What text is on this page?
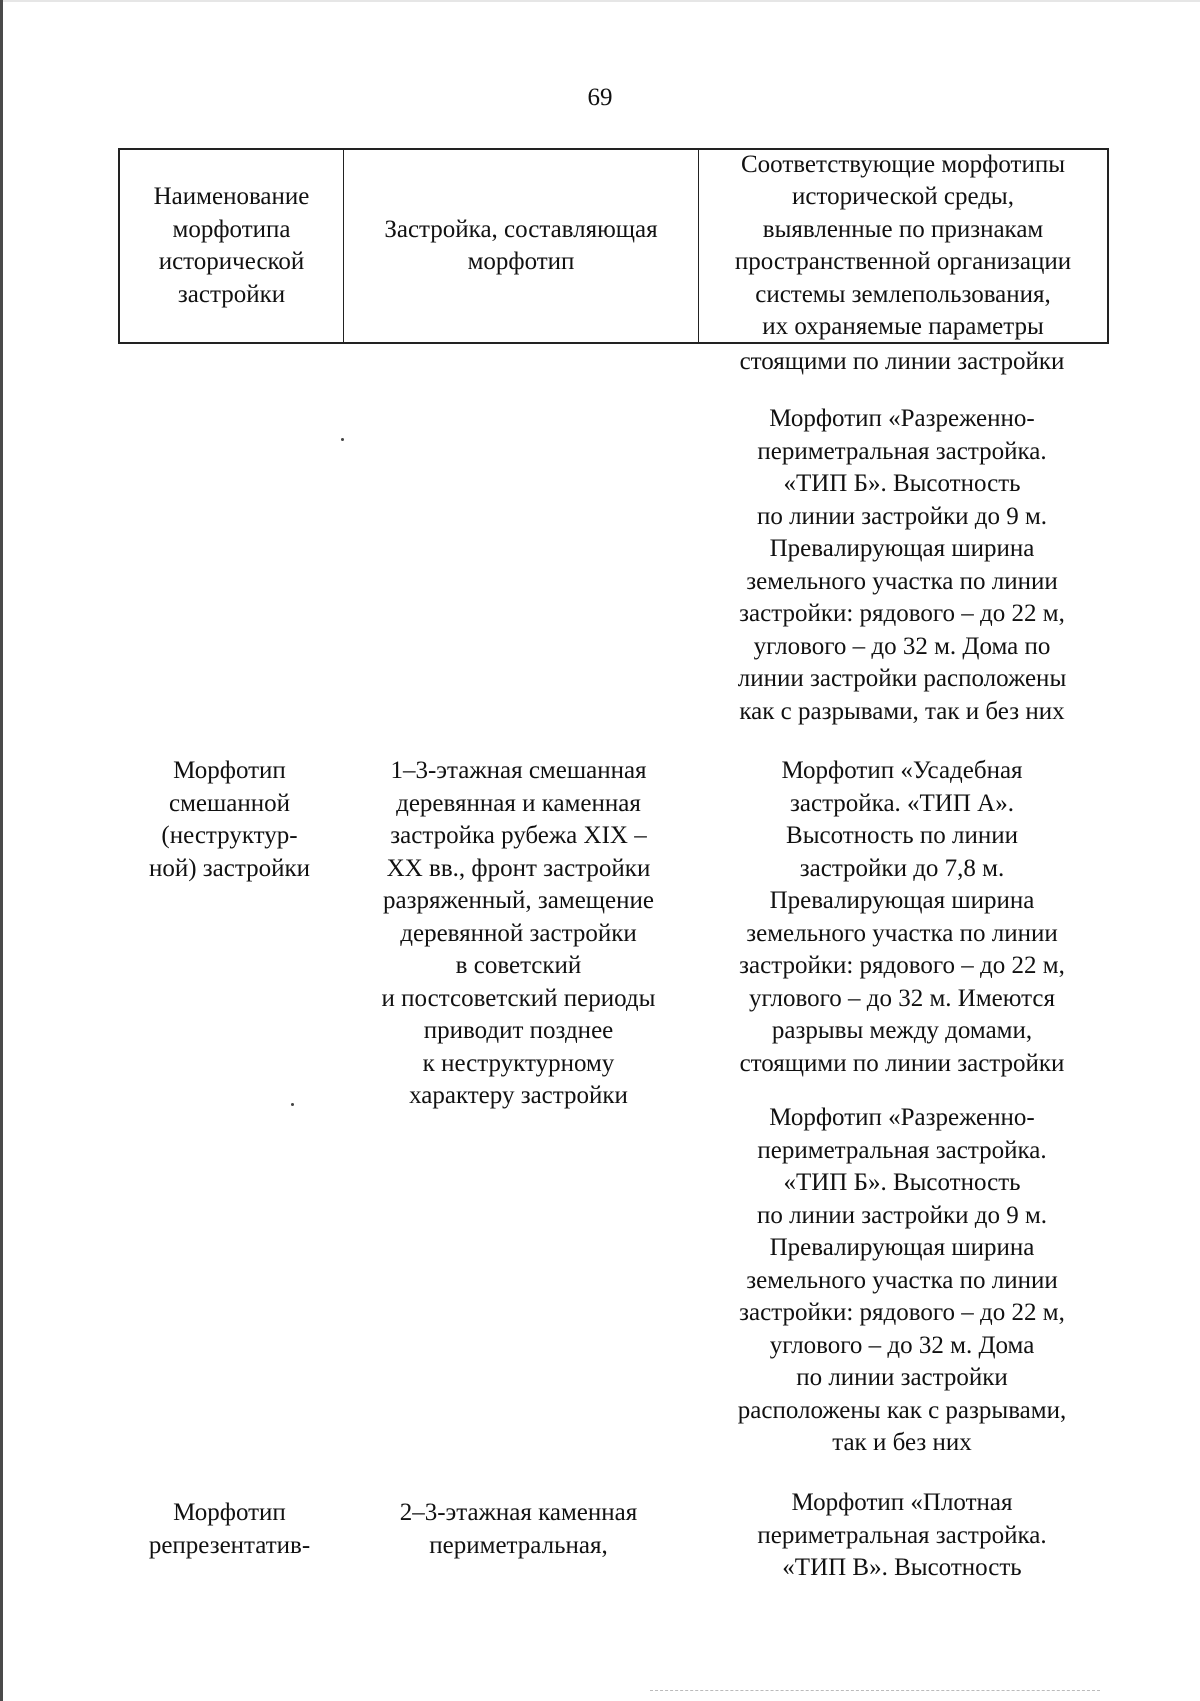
69
Наименование
морфотипа
исторической
застройки
Застройка, составляющая
морфотип
Соответствующие морфотипы
исторической среды,
выявленные по признакам
пространственной организации
системы землепользования,
их охраняемые параметры
стоящими по линии застройки
Морфотип «Разреженно-
периметральная застройка.
«ТИП Б». Высотность
по линии застройки до 9 м.
Превалирующая ширина
земельного участка по линии
застройки: рядового – до 22 м,
углового – до 32 м. Дома по
линии застройки расположены
как с разрывами, так и без них
Морфотип
смешанной
(неструктур-
ной) застройки
1–3-этажная смешанная
деревянная и каменная
застройка рубежа XIX –
XX вв., фронт застройки
разряженный, замещение
деревянной застройки
в советский
и постсоветский периоды
приводит позднее
к неструктурному
характеру застройки
Морфотип «Усадебная
застройка. «ТИП А».
Высотность по линии
застройки до 7,8 м.
Превалирующая ширина
земельного участка по линии
застройки: рядового – до 22 м,
углового – до 32 м. Имеются
разрывы между домами,
стоящими по линии застройки
Морфотип «Разреженно-
периметральная застройка.
«ТИП Б». Высотность
по линии застройки до 9 м.
Превалирующая ширина
земельного участка по линии
застройки: рядового – до 22 м,
углового – до 32 м. Дома
по линии застройки
расположены как с разрывами,
так и без них
Морфотип
репрезентатив-
2–3-этажная каменная
периметральная,
Морфотип «Плотная
периметральная застройка.
«ТИП В». Высотность
